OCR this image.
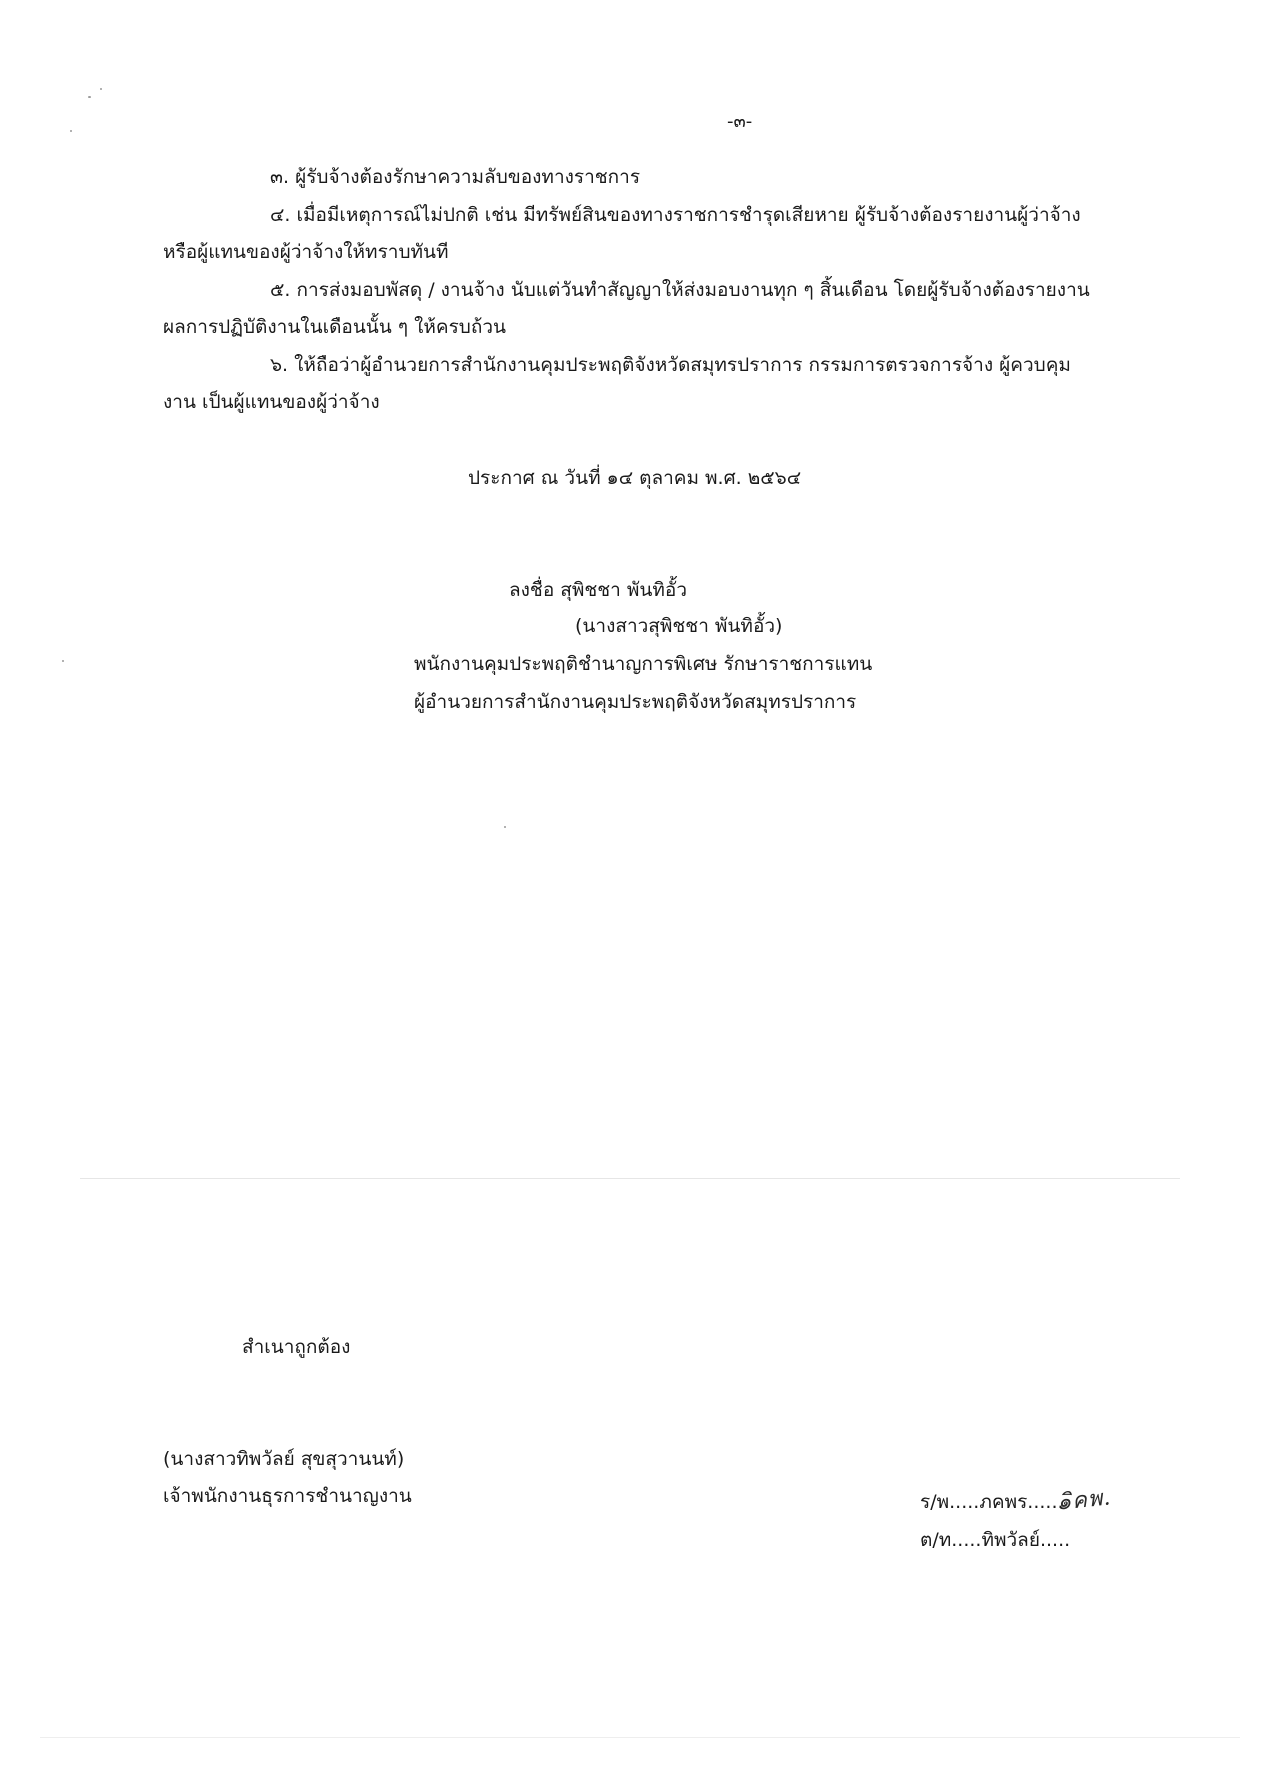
-๓-
๓. ผู้รับจ้างต้องรักษาความลับของทางราชการ
๔. เมื่อมีเหตุการณ์ไม่ปกติ เช่น มีทรัพย์สินของทางราชการชำรุดเสียหาย ผู้รับจ้างต้องรายงานผู้ว่าจ้าง
หรือผู้แทนของผู้ว่าจ้างให้ทราบทันที
๕. การส่งมอบพัสดุ / งานจ้าง นับแต่วันทำสัญญาให้ส่งมอบงานทุก ๆ สิ้นเดือน โดยผู้รับจ้างต้องรายงาน
ผลการปฏิบัติงานในเดือนนั้น ๆ ให้ครบถ้วน
๖. ให้ถือว่าผู้อำนวยการสำนักงานคุมประพฤติจังหวัดสมุทรปราการ กรรมการตรวจการจ้าง ผู้ควบคุม
งาน เป็นผู้แทนของผู้ว่าจ้าง
ประกาศ ณ วันที่ ๑๔ ตุลาคม พ.ศ. ๒๕๖๔
ลงชื่อ สุพิชชา พันทิอั้ว
(นางสาวสุพิชชา พันทิอั้ว)
พนักงานคุมประพฤติชำนาญการพิเศษ รักษาราชการแทน
ผู้อำนวยการสำนักงานคุมประพฤติจังหวัดสมุทรปราการ
สำเนาถูกต้อง
(นางสาวทิพวัลย์ สุขสุวานนท์)
เจ้าพนักงานธุรการชำนาญงาน	ร/พ.....ภคพร......
๑ิคพ.
ต/ท.....ทิพวัลย์.....
